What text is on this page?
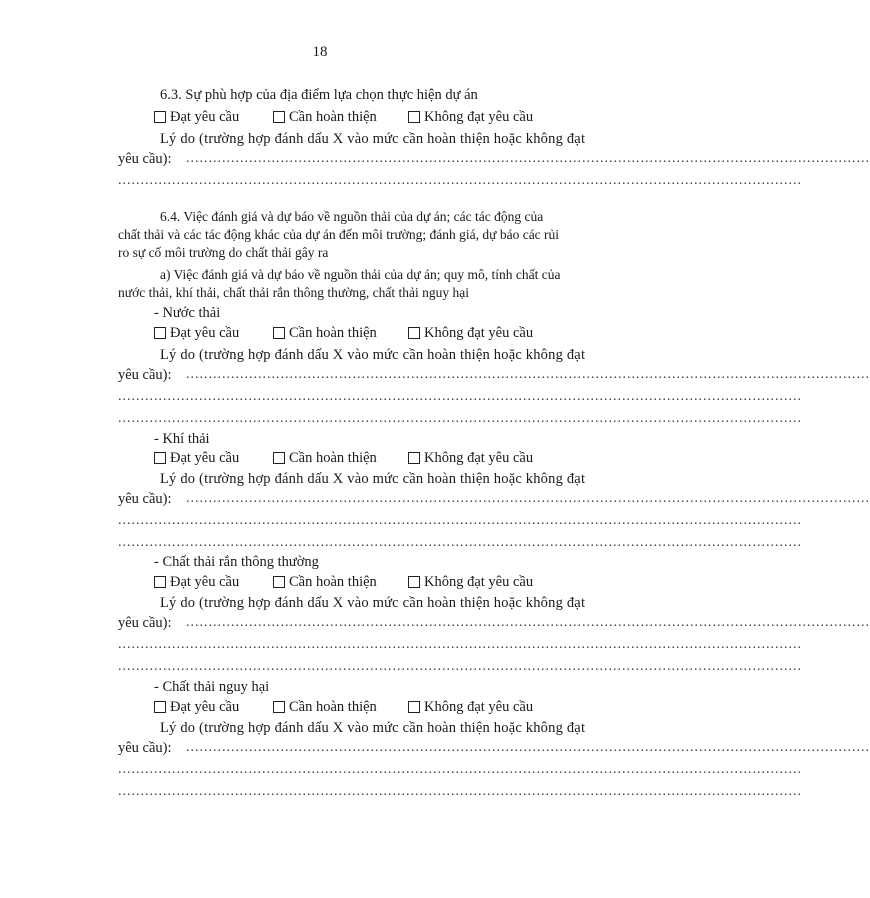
18
6.3. Sự phù hợp của địa điểm lựa chọn thực hiện dự án
Đạt yêu cầu	Cần hoàn thiện	Không đạt yêu cầu
Lý do (trường hợp đánh dấu X vào mức cần hoàn thiện hoặc không đạt
yêu cầu): ........................................................................................................................................................
........................................................................................................................................................
6.4. Việc đánh giá và dự báo về nguồn thải của dự án; các tác động của
chất thải và các tác động khác của dự án đến môi trường; đánh giá, dự báo các rủi
ro sự cố môi trường do chất thải gây ra
a) Việc đánh giá và dự báo về nguồn thải của dự án; quy mô, tính chất của
nước thải, khí thải, chất thải rắn thông thường, chất thải nguy hại
- Nước thải
Đạt yêu cầu	Cần hoàn thiện	Không đạt yêu cầu
Lý do (trường hợp đánh dấu X vào mức cần hoàn thiện hoặc không đạt
yêu cầu): ........................................................................................................................................................
........................................................................................................................................................
........................................................................................................................................................
- Khí thải
Đạt yêu cầu	Cần hoàn thiện	Không đạt yêu cầu
Lý do (trường hợp đánh dấu X vào mức cần hoàn thiện hoặc không đạt
yêu cầu): ........................................................................................................................................................
........................................................................................................................................................
........................................................................................................................................................
- Chất thải rắn thông thường
Đạt yêu cầu	Cần hoàn thiện	Không đạt yêu cầu
Lý do (trường hợp đánh dấu X vào mức cần hoàn thiện hoặc không đạt
yêu cầu): ........................................................................................................................................................
........................................................................................................................................................
........................................................................................................................................................
- Chất thải nguy hại
Đạt yêu cầu	Cần hoàn thiện	Không đạt yêu cầu
Lý do (trường hợp đánh dấu X vào mức cần hoàn thiện hoặc không đạt
yêu cầu): ........................................................................................................................................................
........................................................................................................................................................
........................................................................................................................................................
